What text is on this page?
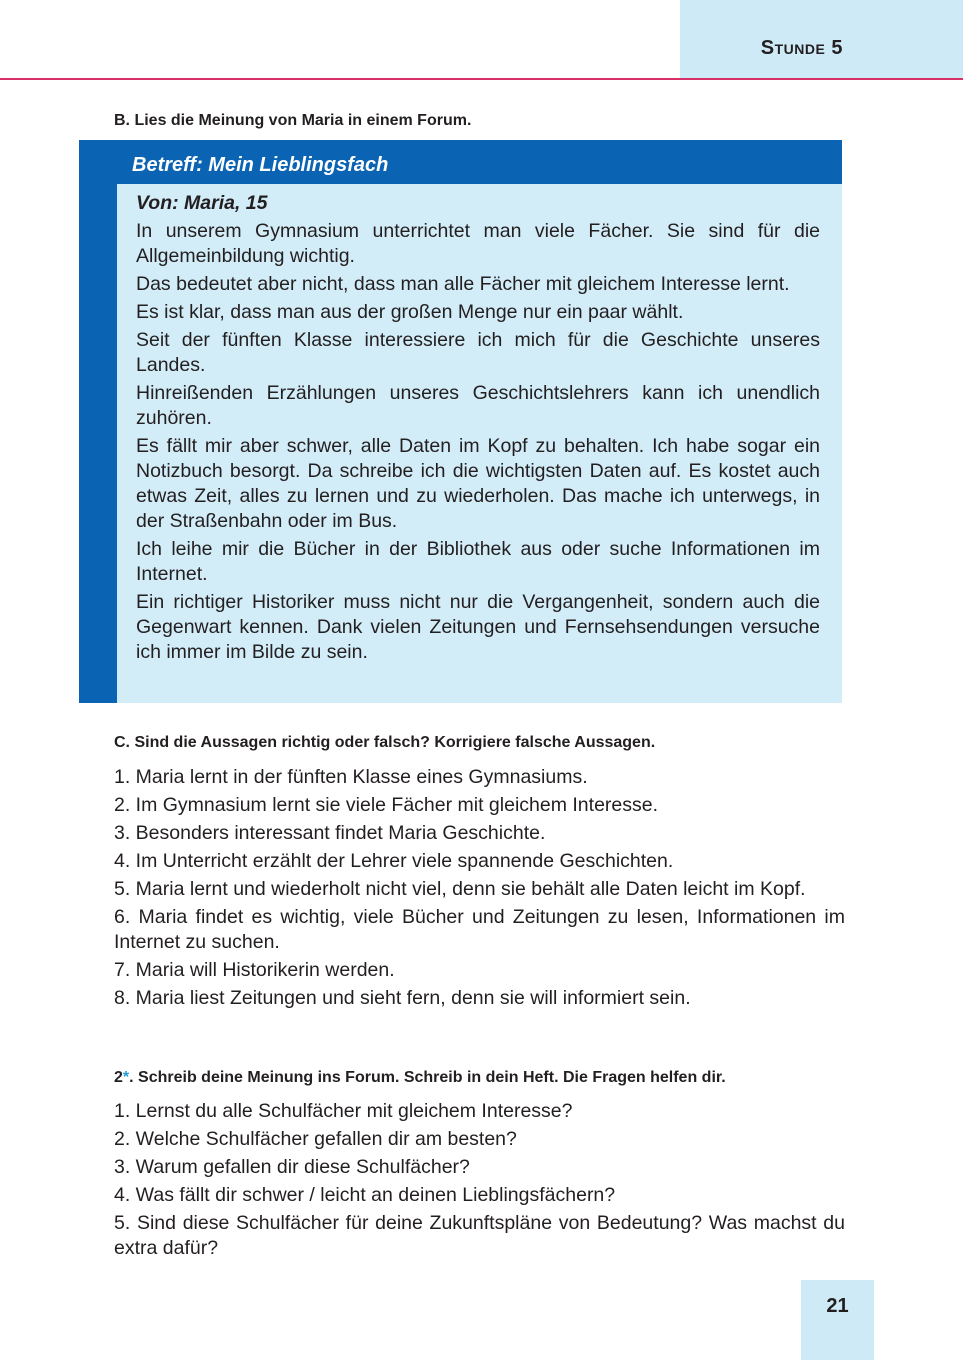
Stunde 5

B. Lies die Meinung von Maria in einem Forum.

Betreff: Mein Lieblingsfach

Von: Maria, 15

In unserem Gymnasium unterrichtet man viele Fächer. Sie sind für die Allgemeinbildung wichtig.

Das bedeutet aber nicht, dass man alle Fächer mit gleichem Interesse lernt.

Es ist klar, dass man aus der großen Menge nur ein paar wählt.

Seit der fünften Klasse interessiere ich mich für die Geschichte unseres Landes.

Hinreißenden Erzählungen unseres Geschichtslehrers kann ich unendlich zuhören.

Es fällt mir aber schwer, alle Daten im Kopf zu behalten. Ich habe sogar ein Notizbuch besorgt. Da schreibe ich die wichtigsten Daten auf. Es kostet auch etwas Zeit, alles zu lernen und zu wiederholen. Das mache ich unterwegs, in der Straßenbahn oder im Bus.

Ich leihe mir die Bücher in der Bibliothek aus oder suche Informationen im Internet.

Ein richtiger Historiker muss nicht nur die Vergangenheit, sondern auch die Gegenwart kennen. Dank vielen Zeitungen und Fernsehsendungen versuche ich immer im Bilde zu sein.

C. Sind die Aussagen richtig oder falsch? Korrigiere falsche Aussagen.

1. Maria lernt in der fünften Klasse eines Gymnasiums.
2. Im Gymnasium lernt sie viele Fächer mit gleichem Interesse.
3. Besonders interessant findet Maria Geschichte.
4. Im Unterricht erzählt der Lehrer viele spannende Geschichten.
5. Maria lernt und wiederholt nicht viel, denn sie behält alle Daten leicht im Kopf.
6. Maria findet es wichtig, viele Bücher und Zeitungen zu lesen, Informationen im Internet zu suchen.
7. Maria will Historikerin werden.
8. Maria liest Zeitungen und sieht fern, denn sie will informiert sein.

2*. Schreib deine Meinung ins Forum. Schreib in dein Heft. Die Fragen helfen dir.

1. Lernst du alle Schulfächer mit gleichem Interesse?
2. Welche Schulfächer gefallen dir am besten?
3. Warum gefallen dir diese Schulfächer?
4. Was fällt dir schwer / leicht an deinen Lieblingsfächern?
5. Sind diese Schulfächer für deine Zukunftspläne von Bedeutung? Was machst du extra dafür?
21
